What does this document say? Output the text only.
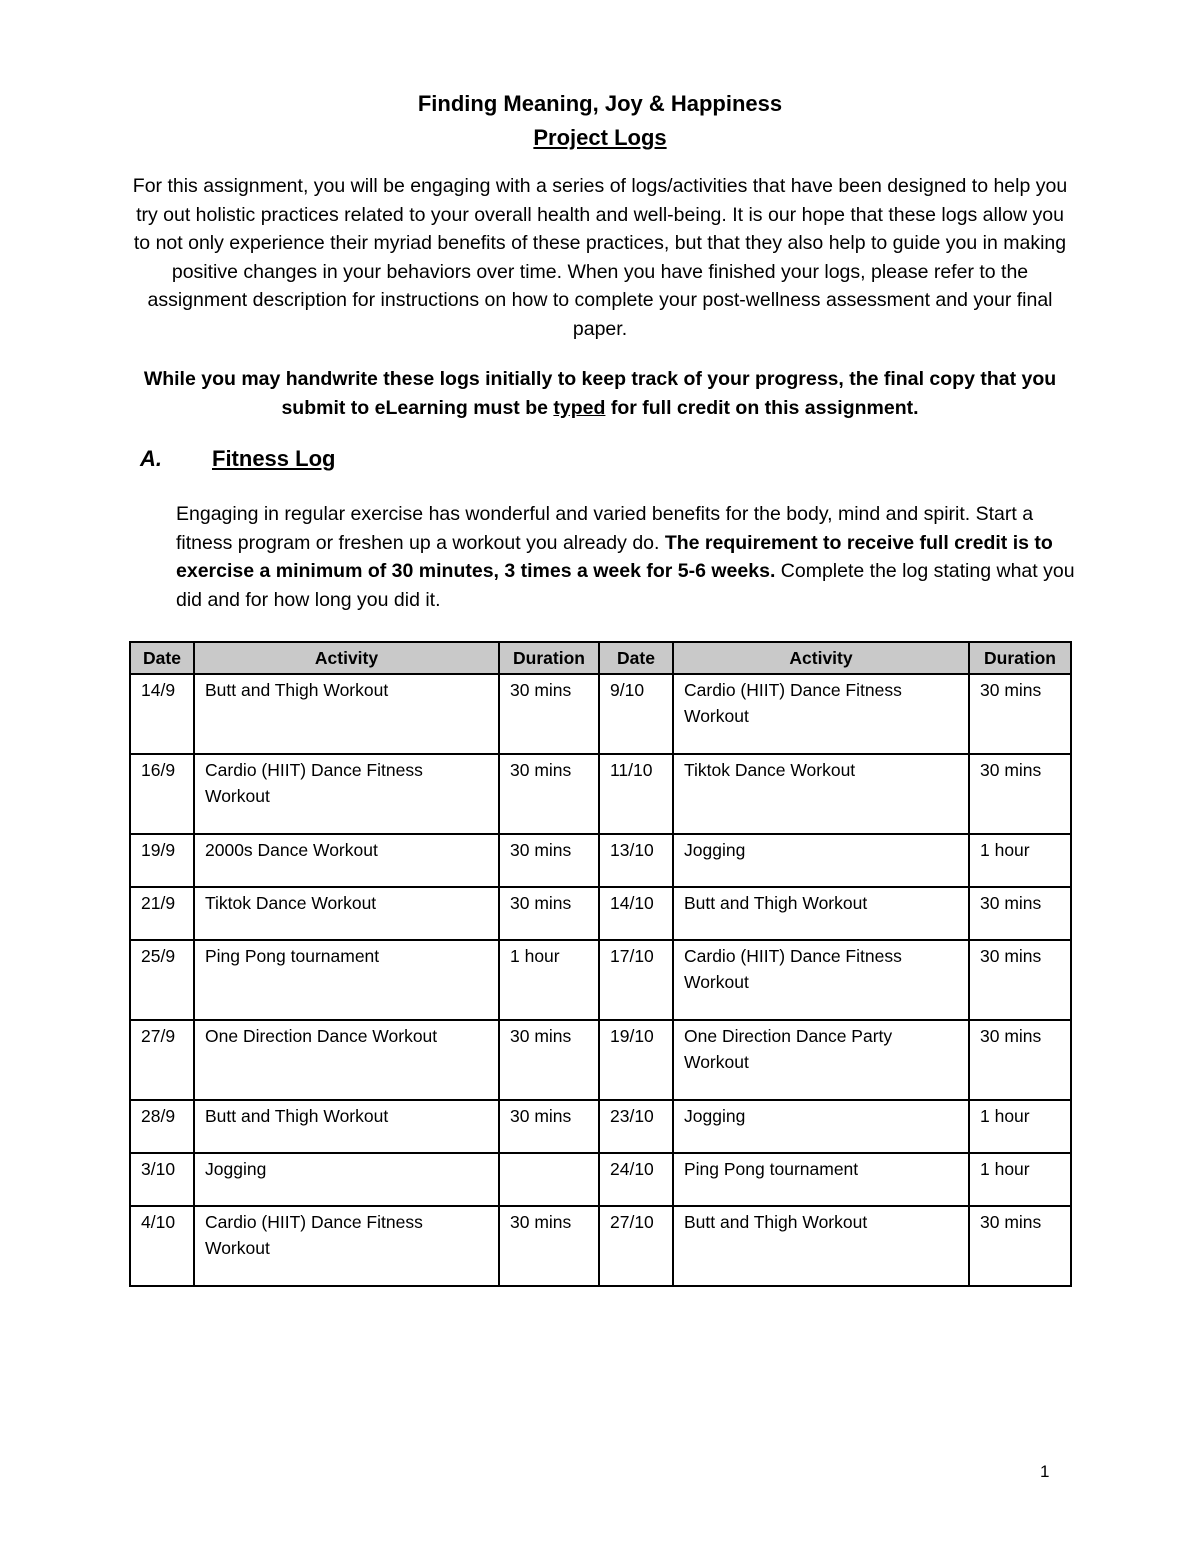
Finding Meaning, Joy & Happiness
Project Logs
For this assignment, you will be engaging with a series of logs/activities that have been designed to help you try out holistic practices related to your overall health and well-being. It is our hope that these logs allow you to not only experience their myriad benefits of these practices, but that they also help to guide you in making positive changes in your behaviors over time. When you have finished your logs, please refer to the assignment description for instructions on how to complete your post-wellness assessment and your final paper.
While you may handwrite these logs initially to keep track of your progress, the final copy that you submit to eLearning must be typed for full credit on this assignment.
A. Fitness Log
Engaging in regular exercise has wonderful and varied benefits for the body, mind and spirit. Start a fitness program or freshen up a workout you already do. The requirement to receive full credit is to exercise a minimum of 30 minutes, 3 times a week for 5-6 weeks. Complete the log stating what you did and for how long you did it.
Date	Activity	Duration	Date	Activity	Duration
14/9	Butt and Thigh Workout	30 mins	9/10	Cardio (HIIT) Dance Fitness Workout	30 mins
16/9	Cardio (HIIT) Dance Fitness Workout	30 mins	11/10	Tiktok Dance Workout	30 mins
19/9	2000s Dance Workout	30 mins	13/10	Jogging	1 hour
21/9	Tiktok Dance Workout	30 mins	14/10	Butt and Thigh Workout	30 mins
25/9	Ping Pong tournament	1 hour	17/10	Cardio (HIIT) Dance Fitness Workout	30 mins
27/9	One Direction Dance Workout	30 mins	19/10	One Direction Dance Party Workout	30 mins
28/9	Butt and Thigh Workout	30 mins	23/10	Jogging	1 hour
3/10	Jogging		24/10	Ping Pong tournament	1 hour
4/10	Cardio (HIIT) Dance Fitness Workout	30 mins	27/10	Butt and Thigh Workout	30 mins
1
